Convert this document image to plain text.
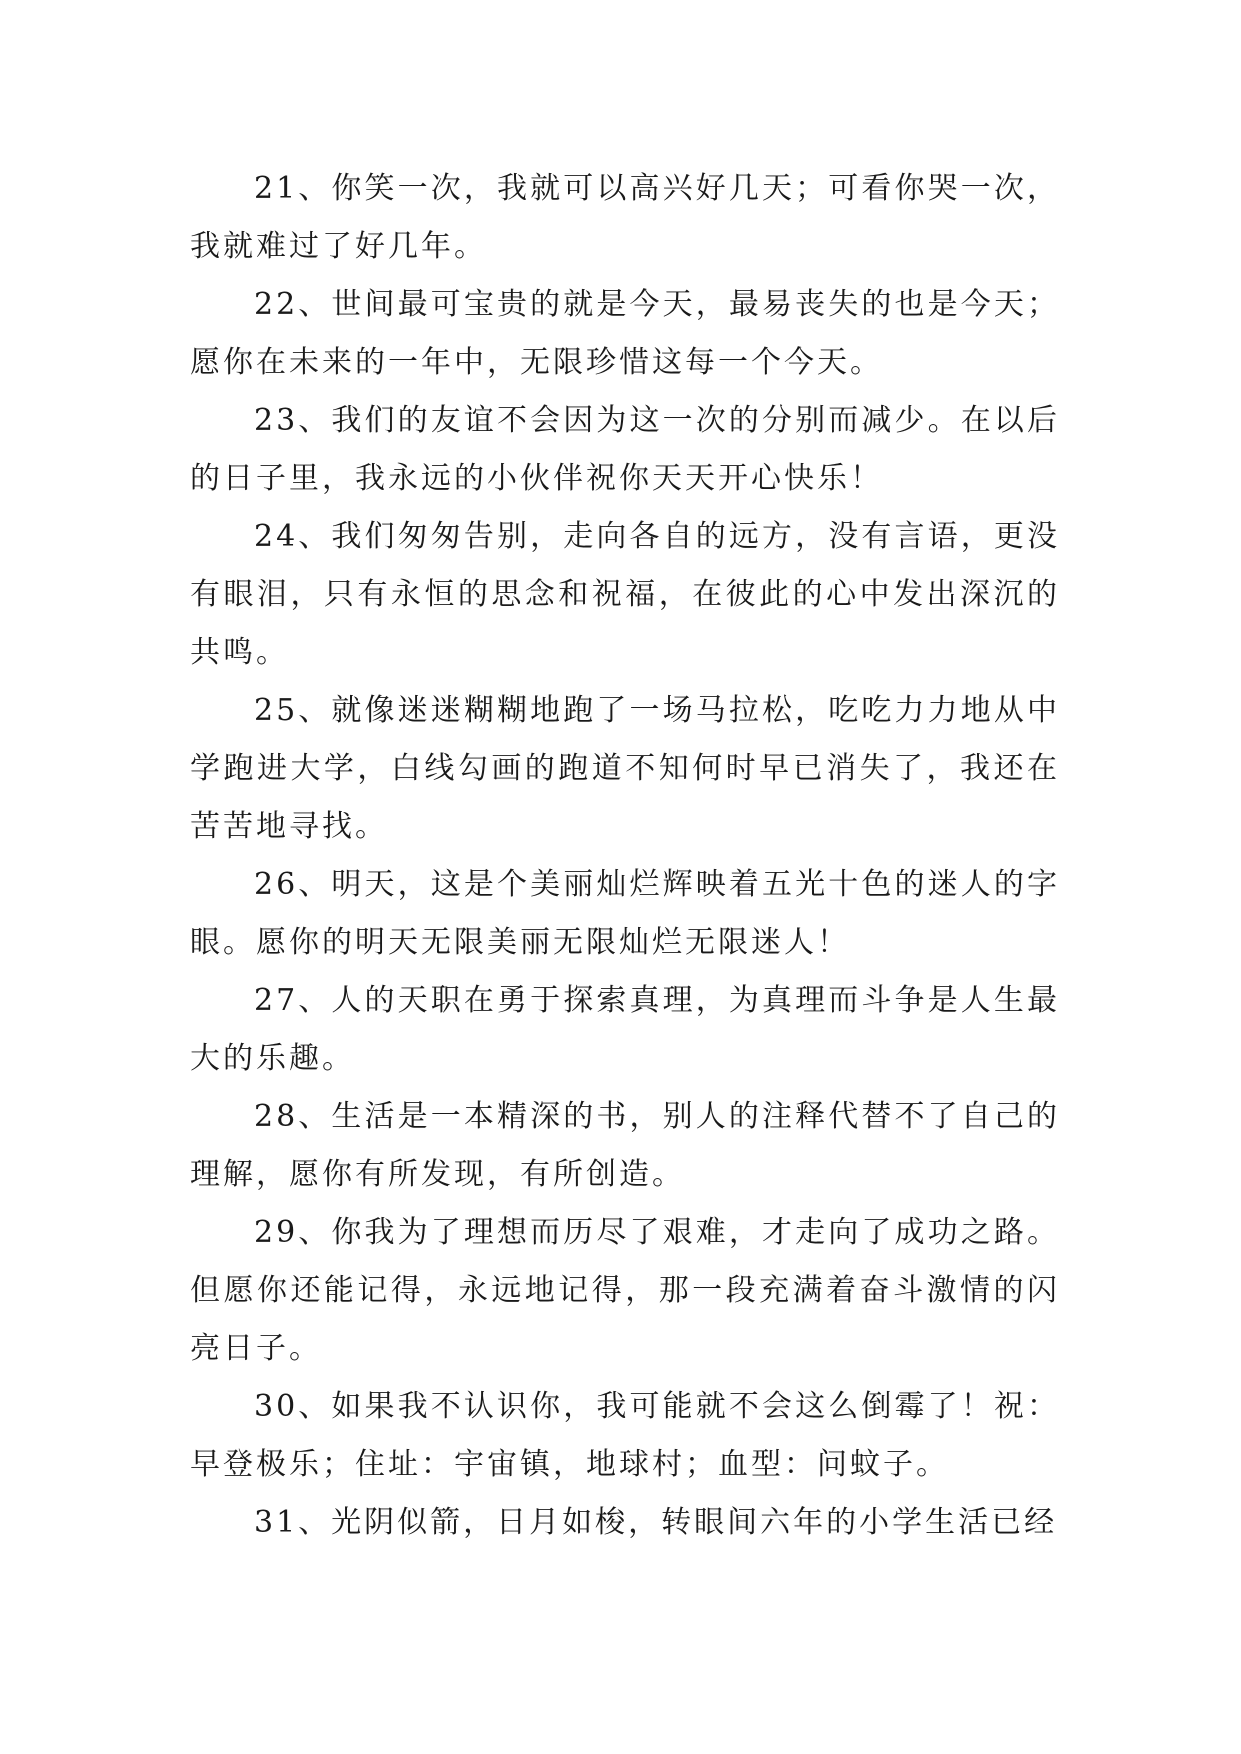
21、你笑一次，我就可以高兴好几天；可看你哭一次，我就难过了好几年。

22、世间最可宝贵的就是今天，最易丧失的也是今天；愿你在未来的一年中，无限珍惜这每一个今天。

23、我们的友谊不会因为这一次的分别而减少。在以后的日子里，我永远的小伙伴祝你天天开心快乐！

24、我们匆匆告别，走向各自的远方，没有言语，更没有眼泪，只有永恒的思念和祝福，在彼此的心中发出深沉的共鸣。

25、就像迷迷糊糊地跑了一场马拉松，吃吃力力地从中学跑进大学，白线勾画的跑道不知何时早已消失了，我还在苦苦地寻找。

26、明天，这是个美丽灿烂辉映着五光十色的迷人的字眼。愿你的明天无限美丽无限灿烂无限迷人！

27、人的天职在勇于探索真理，为真理而斗争是人生最大的乐趣。

28、生活是一本精深的书，别人的注释代替不了自己的理解，愿你有所发现，有所创造。

29、你我为了理想而历尽了艰难，才走向了成功之路。但愿你还能记得，永远地记得，那一段充满着奋斗激情的闪亮日子。

30、如果我不认识你，我可能就不会这么倒霉了！祝：早登极乐；住址：宇宙镇，地球村；血型：问蚊子。

31、光阴似箭，日月如梭，转眼间六年的小学生活已经
